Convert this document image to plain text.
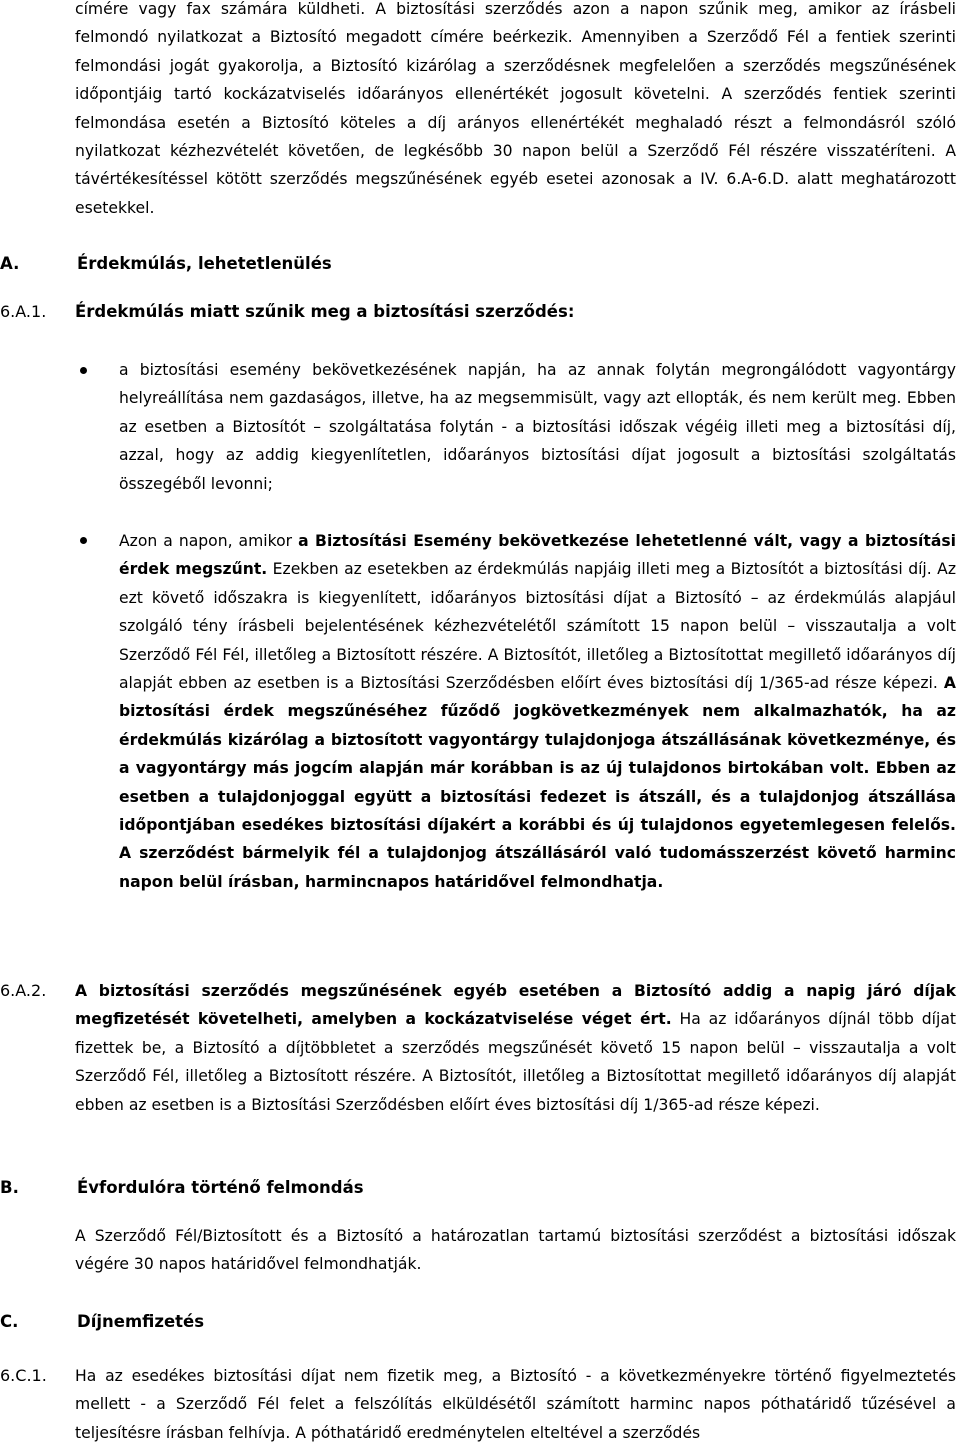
címére vagy fax számára küldheti. A biztosítási szerződés azon a napon szűnik meg, amikor az írásbeli felmondó nyilatkozat a Biztosító megadott címére beérkezik. Amennyiben a Szerződő Fél a fentiek szerinti felmondási jogát gyakorolja, a Biztosító kizárólag a szerződésnek megfelelően a szerződés megszűnésének időpontjáig tartó kockázatviselés időarányos ellenértékét jogosult követelni. A szerződés fentiek szerinti felmondása esetén a Biztosító köteles a díj arányos ellenértékét meghaladó részt a felmondásról szóló nyilatkozat kézhezvételét követően, de legkésőbb 30 napon belül a Szerződő Fél részére visszatéríteni. A távértékesítéssel kötött szerződés megszűnésének egyéb esetei azonosak a IV. 6.A-6.D. alatt meghatározott esetekkel.

A.	Érdekmúlás, lehetetlenülés
6.A.1. Érdekmúlás miatt szűnik meg a biztosítási szerződés:

a biztosítási esemény bekövetkezésének napján, ha az annak folytán megrongálódott vagyontárgy helyreállítása nem gazdaságos, illetve, ha az megsemmisült, vagy azt ellopták, és nem került meg. Ebben az esetben a Biztosítót – szolgáltatása folytán - a biztosítási időszak végéig illeti meg a biztosítási díj, azzal, hogy az addig kiegyenlítetlen, időarányos biztosítási díjat jogosult a biztosítási szolgáltatás összegéből levonni;

Azon a napon, amikor a Biztosítási Esemény bekövetkezése lehetetlenné vált, vagy a biztosítási érdek megszűnt. Ezekben az esetekben az érdekmúlás napjáig illeti meg a Biztosítót a biztosítási díj. Az ezt követő időszakra is kiegyenlített, időarányos biztosítási díjat a Biztosító – az érdekmúlás alapjául szolgáló tény írásbeli bejelentésének kézhezvételétől számított 15 napon belül – visszautalja a volt Szerződő Fél Fél, illetőleg a Biztosított részére. A Biztosítót, illetőleg a Biztosítottat megillető időarányos díj alapját ebben az esetben is a Biztosítási Szerződésben előírt éves biztosítási díj 1/365-ad része képezi. A biztosítási érdek megszűnéséhez fűződő jogkövetkezmények nem alkalmazhatók, ha az érdekmúlás kizárólag a biztosított vagyontárgy tulajdonjoga átszállásának következménye, és a vagyontárgy más jogcím alapján már korábban is az új tulajdonos birtokában volt. Ebben az esetben a tulajdonjoggal együtt a biztosítási fedezet is átszáll, és a tulajdonjog átszállása időpontjában esedékes biztosítási díjakért a korábbi és új tulajdonos egyetemlegesen felelős. A szerződést bármelyik fél a tulajdonjog átszállásáról való tudomásszerzést követő harminc napon belül írásban, harmincnapos határidővel felmondhatja.

6.A.2. A biztosítási szerződés megszűnésének egyéb esetében a Biztosító addig a napig járó díjak megfizetését követelheti, amelyben a kockázatviselése véget ért. Ha az időarányos díjnál több díjat fizettek be, a Biztosító a díjtöbbletet a szerződés megszűnését követő 15 napon belül – visszautalja a volt Szerződő Fél, illetőleg a Biztosított részére. A Biztosítót, illetőleg a Biztosítottat megillető időarányos díj alapját ebben az esetben is a Biztosítási Szerződésben előírt éves biztosítási díj 1/365-ad része képezi.

B.	Évfordulóra történő felmondás

A Szerződő Fél/Biztosított és a Biztosító a határozatlan tartamú biztosítási szerződést a biztosítási időszak végére 30 napos határidővel felmondhatják.

C.	Díjnemfizetés
6.C.1. Ha az esedékes biztosítási díjat nem fizetik meg, a Biztosító - a következményekre történő figyelmeztetés mellett - a Szerződő Fél felet a felszólítás elküldésétől számított harminc napos póthatáridő tűzésével a teljesítésre írásban felhívja. A póthatáridő eredménytelen elteltével a szerződés
